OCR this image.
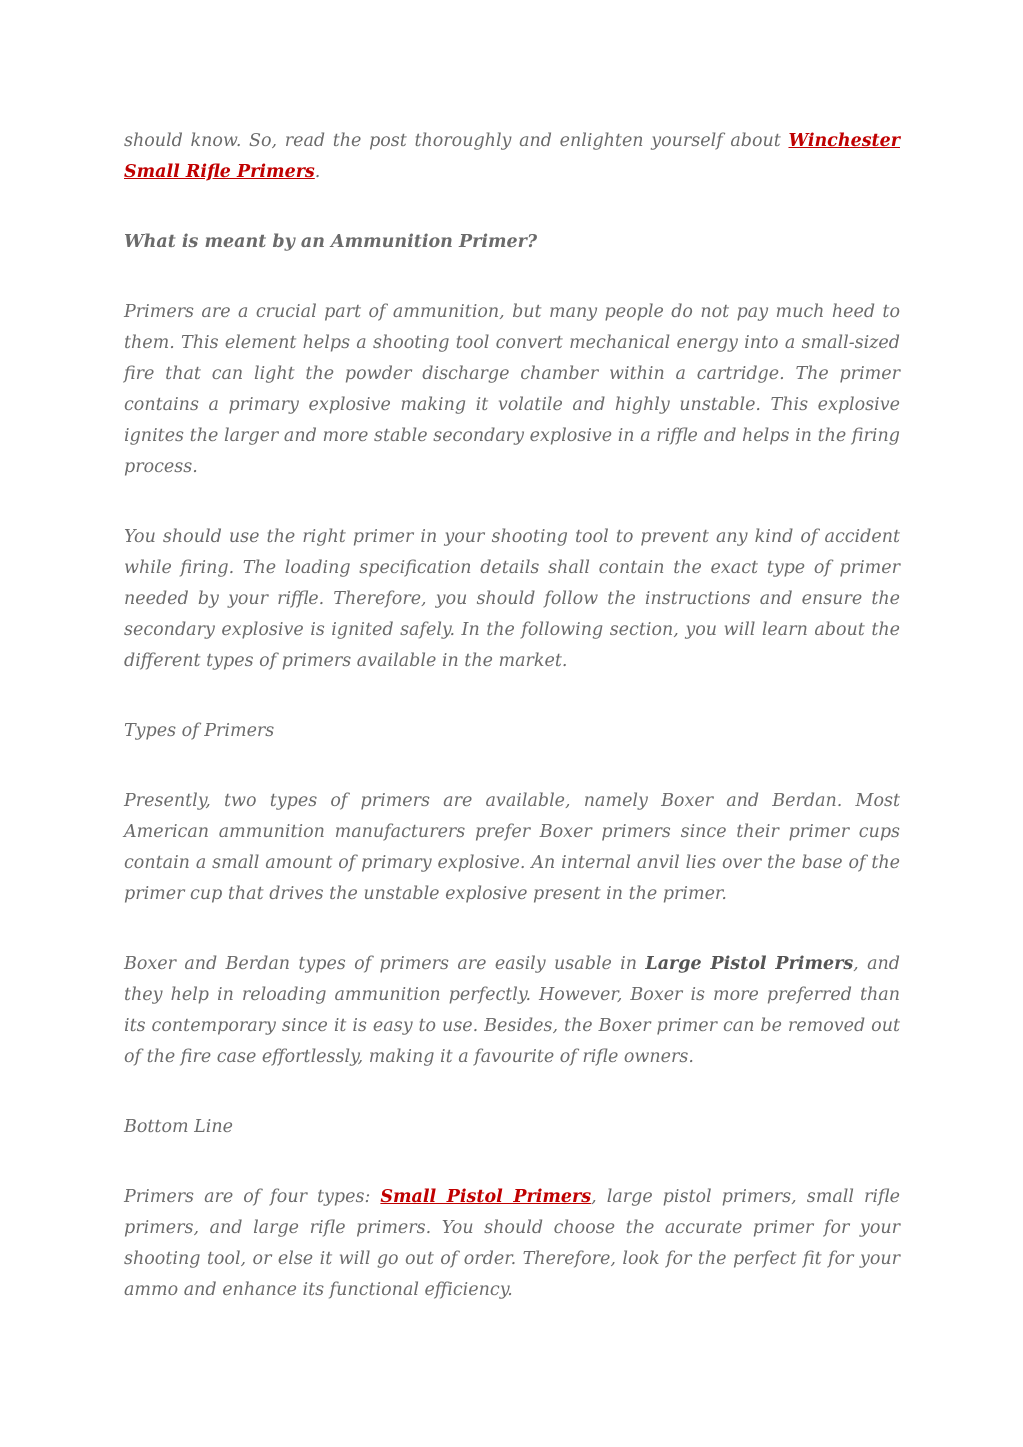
should know. So, read the post thoroughly and enlighten yourself about Winchester Small Rifle Primers.

What is meant by an Ammunition Primer?

Primers are a crucial part of ammunition, but many people do not pay much heed to them. This element helps a shooting tool convert mechanical energy into a small-sized fire that can light the powder discharge chamber within a cartridge. The primer contains a primary explosive making it volatile and highly unstable. This explosive ignites the larger and more stable secondary explosive in a riffle and helps in the firing process.

You should use the right primer in your shooting tool to prevent any kind of accident while firing. The loading specification details shall contain the exact type of primer needed by your riffle. Therefore, you should follow the instructions and ensure the secondary explosive is ignited safely. In the following section, you will learn about the different types of primers available in the market.

Types of Primers

Presently, two types of primers are available, namely Boxer and Berdan. Most American ammunition manufacturers prefer Boxer primers since their primer cups contain a small amount of primary explosive. An internal anvil lies over the base of the primer cup that drives the unstable explosive present in the primer.

Boxer and Berdan types of primers are easily usable in Large Pistol Primers, and they help in reloading ammunition perfectly. However, Boxer is more preferred than its contemporary since it is easy to use. Besides, the Boxer primer can be removed out of the fire case effortlessly, making it a favourite of rifle owners.

Bottom Line

Primers are of four types: Small Pistol Primers, large pistol primers, small rifle primers, and large rifle primers. You should choose the accurate primer for your shooting tool, or else it will go out of order. Therefore, look for the perfect fit for your ammo and enhance its functional efficiency.
